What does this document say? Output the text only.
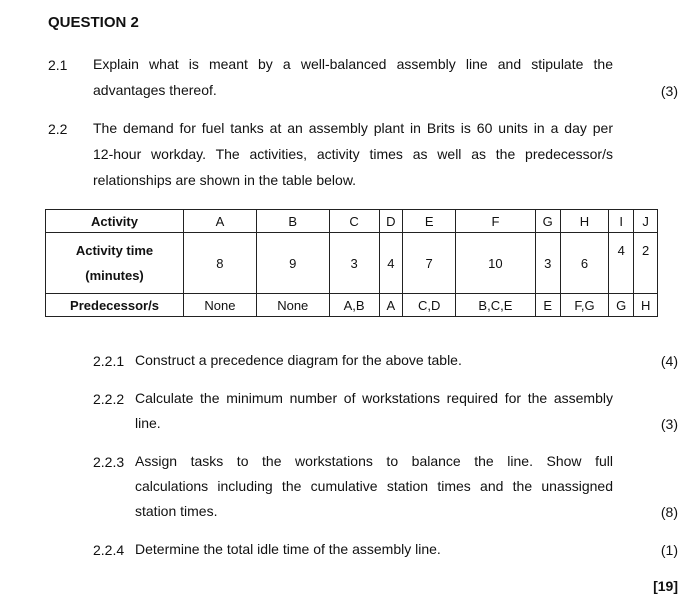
QUESTION 2
2.1 Explain what is meant by a well-balanced assembly line and stipulate the
advantages thereof.	(3)
2.2 The demand for fuel tanks at an assembly plant in Brits is 60 units in a day per
12-hour workday. The activities, activity times as well as the predecessor/s
relationships are shown in the table below.
Activity	A	B	C	D	E	F	G	H	I	J

Activity time
(minutes)	8	9	3	4	7	10	3	6	4	2
Predecessor/s	None	None	A,B	A	C,D	B,C,E	E	F,G	G	H
2.2.1 Construct a precedence diagram for the above table.	(4)
2.2.2 Calculate the minimum number of workstations required for the assembly
line.	(3)
2.2.3 Assign tasks to the workstations to balance the line. Show full
calculations including the cumulative station times and the unassigned
station times.	(8)
2.2.4 Determine the total idle time of the assembly line.	(1)
[19]
